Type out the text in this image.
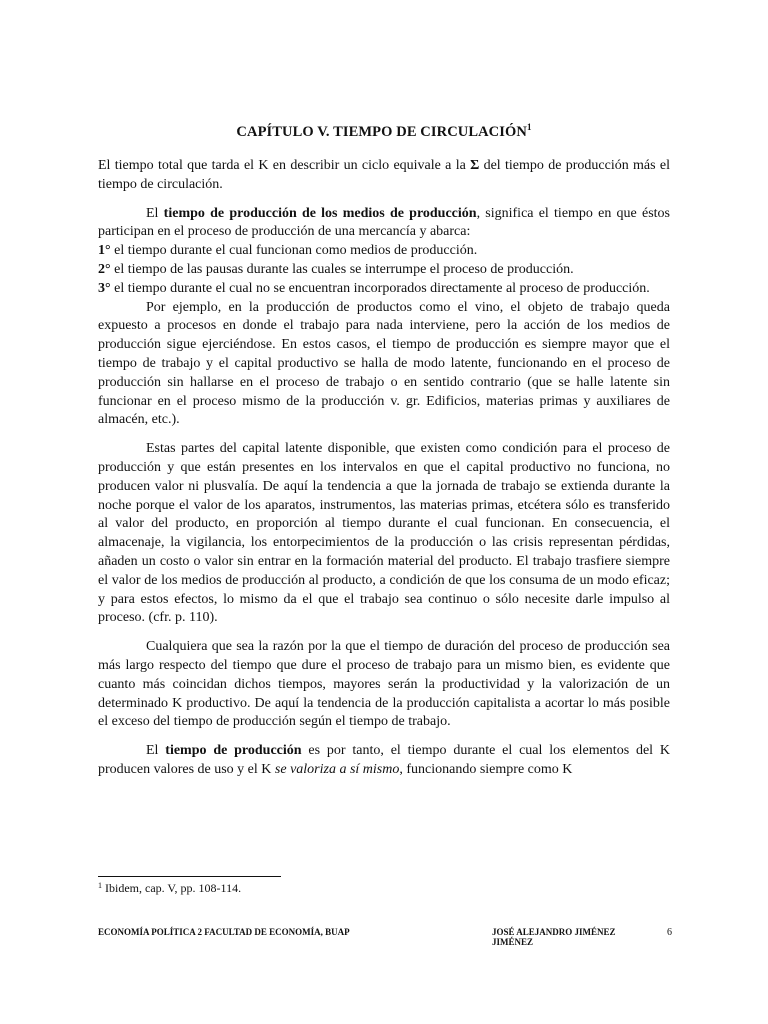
CAPÍTULO V. TIEMPO DE CIRCULACIÓN$^1$

El tiempo total que tarda el K en describir un ciclo equivale a la Σ del tiempo de producción más el tiempo de circulación.

El tiempo de producción de los medios de producción, significa el tiempo en que éstos participan en el proceso de producción de una mercancía y abarca:

1° el tiempo durante el cual funcionan como medios de producción.

2° el tiempo de las pausas durante las cuales se interrumpe el proceso de producción.

3° el tiempo durante el cual no se encuentran incorporados directamente al proceso de producción.

Por ejemplo, en la producción de productos como el vino, el objeto de trabajo queda expuesto a procesos en donde el trabajo para nada interviene, pero la acción de los medios de producción sigue ejerciéndose. En estos casos, el tiempo de producción es siempre mayor que el tiempo de trabajo y el capital productivo se halla de modo latente, funcionando en el proceso de producción sin hallarse en el proceso de trabajo o en sentido contrario (que se halle latente sin funcionar en el proceso mismo de la producción v. gr. Edificios, materias primas y auxiliares de almacén, etc.).

Estas partes del capital latente disponible, que existen como condición para el proceso de producción y que están presentes en los intervalos en que el capital productivo no funciona, no producen valor ni plusvalía. De aquí la tendencia a que la jornada de trabajo se extienda durante la noche porque el valor de los aparatos, instrumentos, las materias primas, etcétera sólo es transferido al valor del producto, en proporción al tiempo durante el cual funcionan. En consecuencia, el almacenaje, la vigilancia, los entorpecimientos de la producción o las crisis representan pérdidas, añaden un costo o valor sin entrar en la formación material del producto. El trabajo trasfiere siempre el valor de los medios de producción al producto, a condición de que los consuma de un modo eficaz; y para estos efectos, lo mismo da el que el trabajo sea continuo o sólo necesite darle impulso al proceso. (cfr. p. 110).

Cualquiera que sea la razón por la que el tiempo de duración del proceso de producción sea más largo respecto del tiempo que dure el proceso de trabajo para un mismo bien, es evidente que cuanto más coincidan dichos tiempos, mayores serán la productividad y la valorización de un determinado K productivo. De aquí la tendencia de la producción capitalista a acortar lo más posible el exceso del tiempo de producción según el tiempo de trabajo.

El tiempo de producción es por tanto, el tiempo durante el cual los elementos del K producen valores de uso y el K se valoriza a sí mismo, funcionando siempre como K

$^1$ Ibidem, cap. V, pp. 108-114.
ECONOMÍA POLÍTICA 2 FACULTAD DE ECONOMÍA, BUAP	JOSÉ ALEJANDRO JIMÉNEZ JIMÉNEZ
6
